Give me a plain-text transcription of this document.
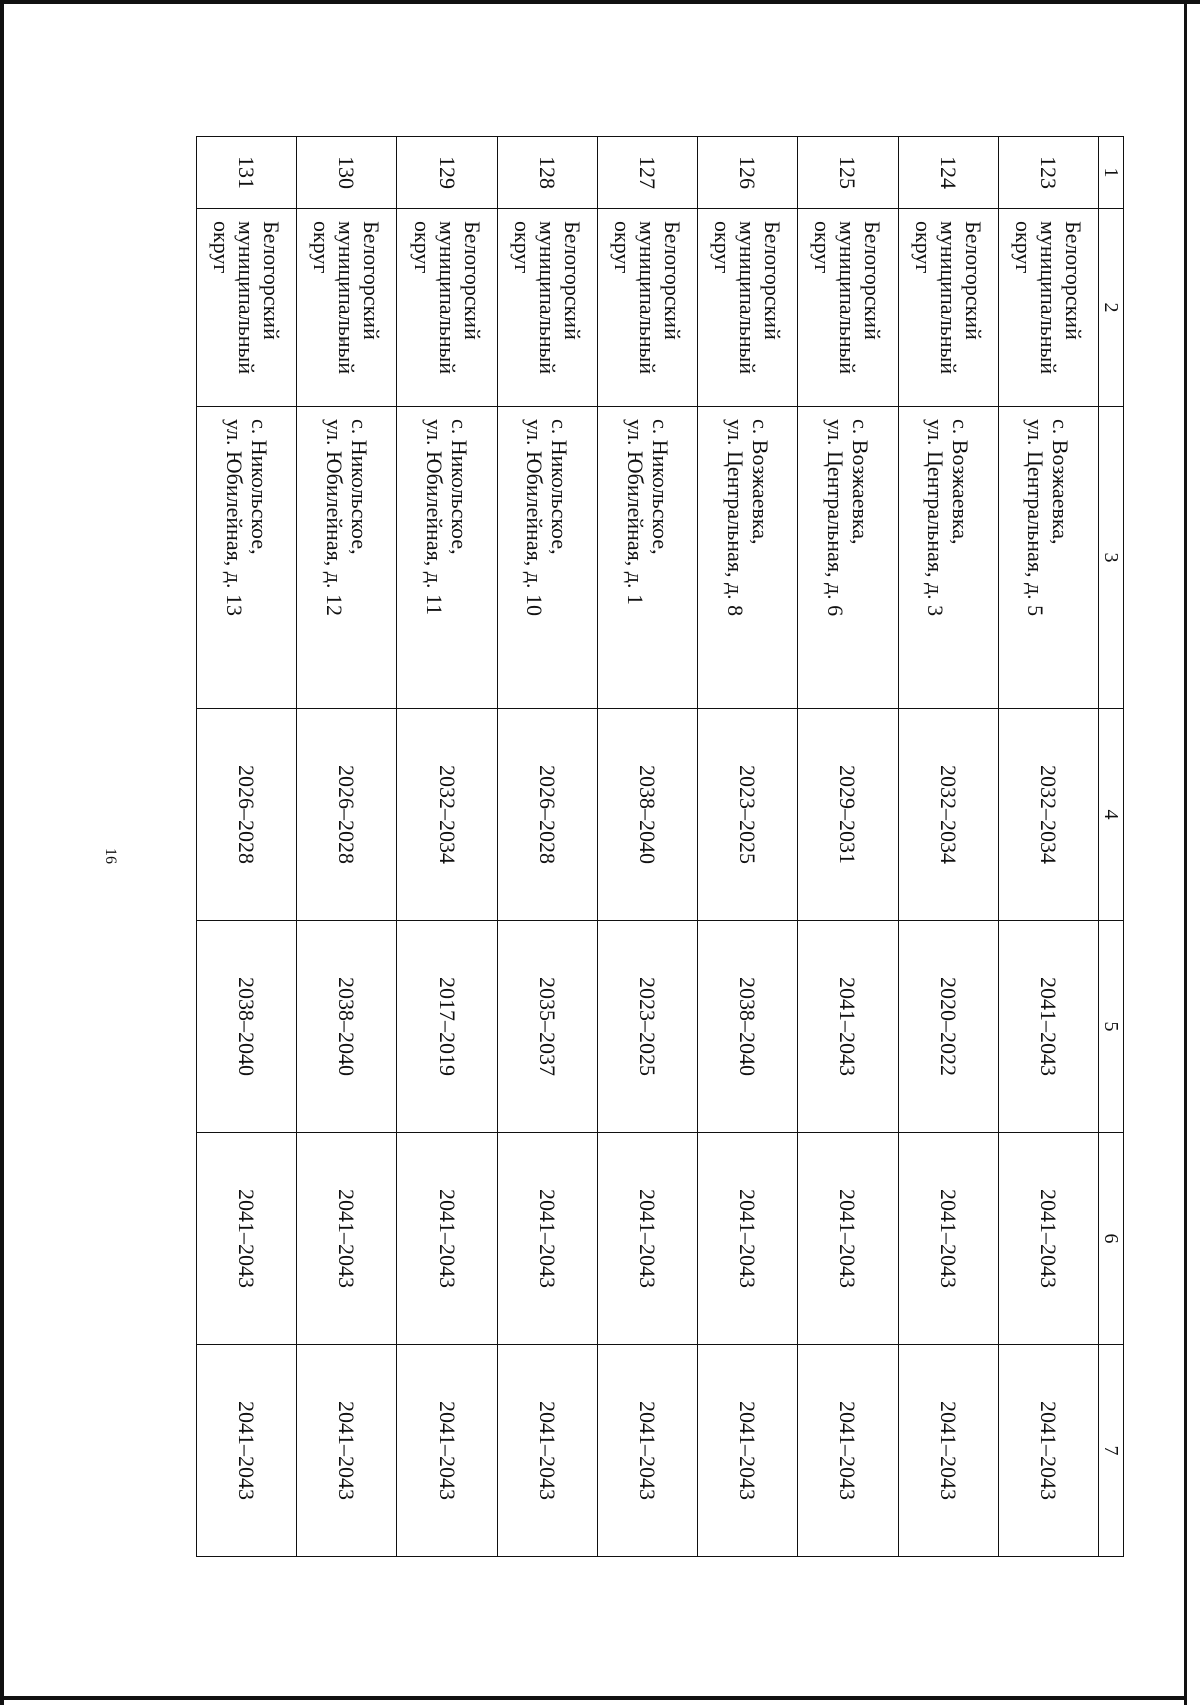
16
1	2	3	4	5	6	7
123	Белогорский муниципальный округ	с. Возжаевка,
ул. Центральная, д. 5	2032–2034	2041–2043	2041–2043	2041–2043
124	Белогорский муниципальный округ	с. Возжаевка,
ул. Центральная, д. 3	2032–2034	2020–2022	2041–2043	2041–2043
125	Белогорский муниципальный округ	с. Возжаевка,
ул. Центральная, д. 6	2029–2031	2041–2043	2041–2043	2041–2043
126	Белогорский муниципальный округ	с. Возжаевка,
ул. Центральная, д. 8	2023–2025	2038–2040	2041–2043	2041–2043
127	Белогорский муниципальный округ	с. Никольское,
ул. Юбилейная, д. 1	2038–2040	2023–2025	2041–2043	2041–2043
128	Белогорский муниципальный округ	с. Никольское,
ул. Юбилейная, д. 10	2026–2028	2035–2037	2041–2043	2041–2043
129	Белогорский муниципальный округ	с. Никольское,
ул. Юбилейная, д. 11	2032–2034	2017–2019	2041–2043	2041–2043
130	Белогорский муниципальный округ	с. Никольское,
ул. Юбилейная, д. 12	2026–2028	2038–2040	2041–2043	2041–2043
131	Белогорский муниципальный округ	с. Никольское,
ул. Юбилейная, д. 13	2026–2028	2038–2040	2041–2043	2041–2043
